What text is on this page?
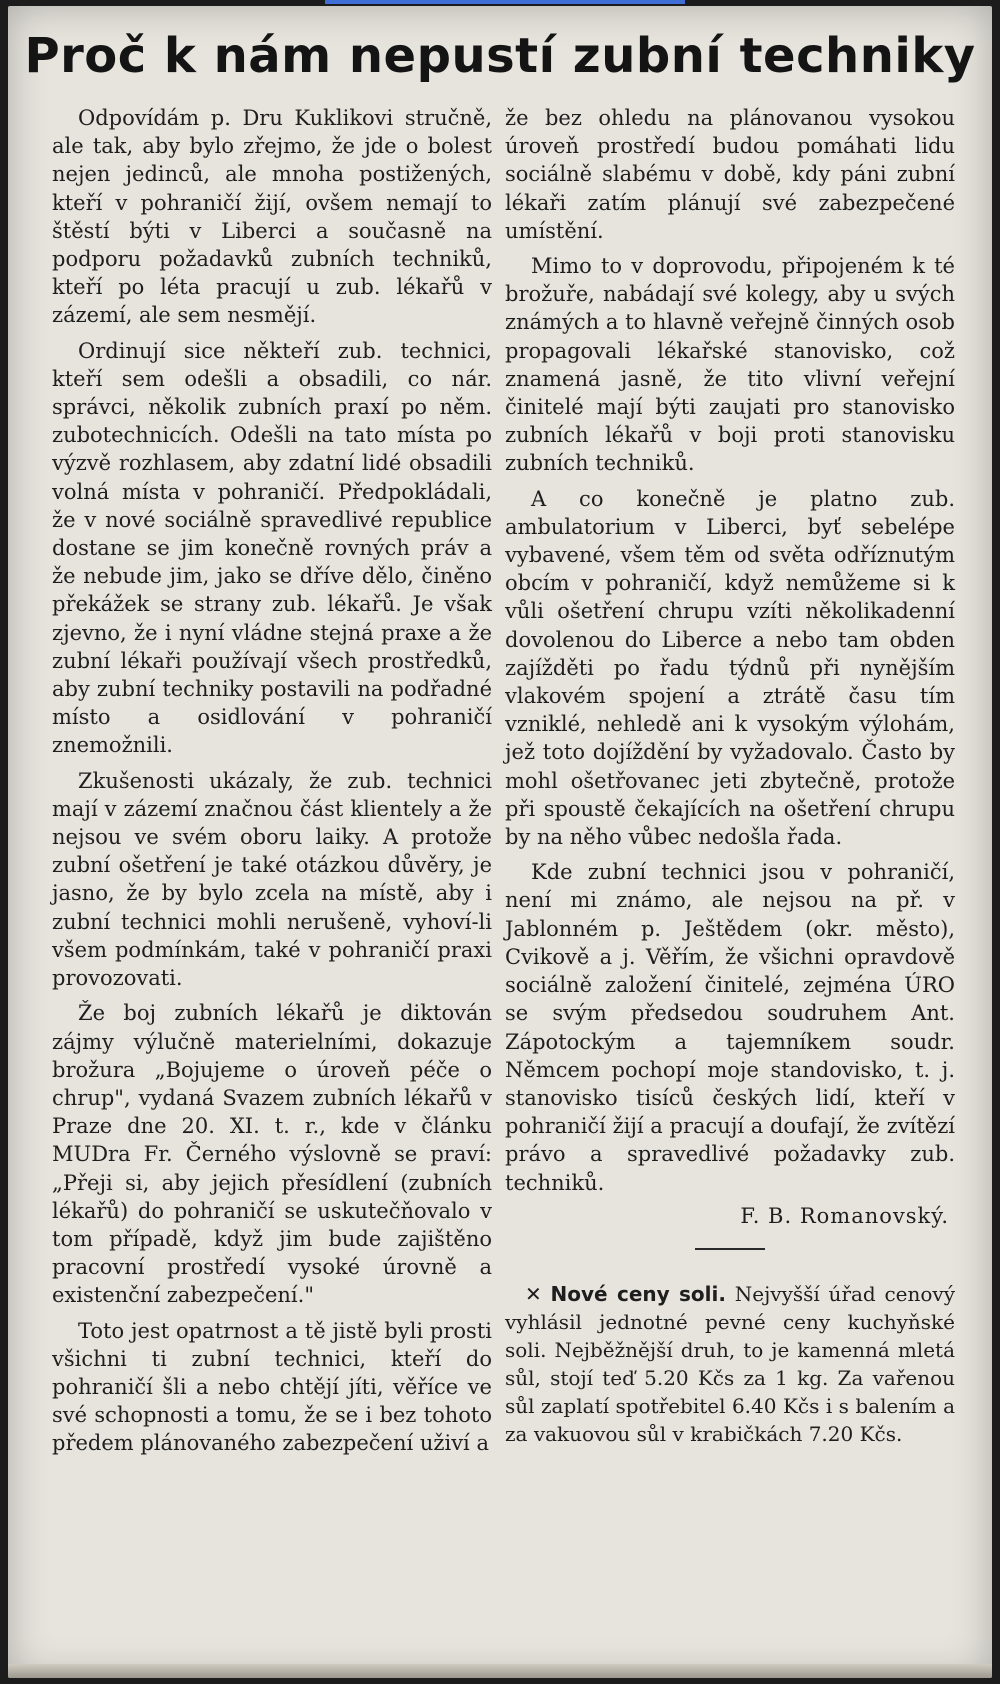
Proč k nám nepustí zubní techniky

Odpovídám p. Dru Kuklikovi stručně, ale tak, aby bylo zřejmo, že jde o bolest nejen jedinců, ale mnoha postižených, kteří v pohraničí žijí, ovšem nemají to štěstí býti v Liberci a současně na podporu požadavků zubních techniků, kteří po léta pracují u zub. lékařů v zázemí, ale sem nesmějí.

Ordinují sice někteří zub. technici, kteří sem odešli a obsadili, co nár. správci, několik zubních praxí po něm. zubotechnicích. Odešli na tato místa po výzvě rozhlasem, aby zdatní lidé obsadili volná místa v pohraničí. Předpokládali, že v nové sociálně spravedlivé republice dostane se jim konečně rovných práv a že nebude jim, jako se dříve dělo, činěno překážek se strany zub. lékařů. Je však zjevno, že i nyní vládne stejná praxe a že zubní lékaři používají všech prostředků, aby zubní techniky postavili na podřadné místo a osidlování v pohraničí znemožnili.

Zkušenosti ukázaly, že zub. technici mají v zázemí značnou část klientely a že nejsou ve svém oboru laiky. A protože zubní ošetření je také otázkou důvěry, je jasno, že by bylo zcela na místě, aby i zubní technici mohli nerušeně, vyhoví-li všem podmínkám, také v pohraničí praxi provozovati.

Že boj zubních lékařů je diktován zájmy výlučně materielními, dokazuje brožura „Bojujeme o úroveň péče o chrup", vydaná Svazem zubních lékařů v Praze dne 20. XI. t. r., kde v článku MUDra Fr. Černého výslovně se praví: „Přeji si, aby jejich přesídlení (zubních lékařů) do pohraničí se uskutečňovalo v tom případě, když jim bude zajištěno pracovní prostředí vysoké úrovně a existenční zabezpečení."

Toto jest opatrnost a tě jistě byli prosti všichni ti zubní technici, kteří do pohraničí šli a nebo chtějí jíti, věříce ve své schopnosti a tomu, že se i bez tohoto předem plánovaného zabezpečení uživí a

že bez ohledu na plánovanou vysokou úroveň prostředí budou pomáhati lidu sociálně slabému v době, kdy páni zubní lékaři zatím plánují své zabezpečené umístění.

Mimo to v doprovodu, připojeném k té brožuře, nabádají své kolegy, aby u svých známých a to hlavně veřejně činných osob propagovali lékařské stanovisko, což znamená jasně, že tito vlivní veřejní činitelé mají býti zaujati pro stanovisko zubních lékařů v boji proti stanovisku zubních techniků.

A co konečně je platno zub. ambulatorium v Liberci, byť sebelépe vybavené, všem těm od světa odříznutým obcím v pohraničí, když nemůžeme si k vůli ošetření chrupu vzíti několikadenní dovolenou do Liberce a nebo tam obden zajížděti po řadu týdnů při nynějším vlakovém spojení a ztrátě času tím vzniklé, nehledě ani k vysokým výlohám, jež toto dojíždění by vyžadovalo. Často by mohl ošetřovanec jeti zbytečně, protože při spoustě čekajících na ošetření chrupu by na něho vůbec nedošla řada.

Kde zubní technici jsou v pohraničí, není mi známo, ale nejsou na př. v Jablonném p. Ještědem (okr. město), Cvikově a j. Věřím, že všichni opravdově sociálně založení činitelé, zejména ÚRO se svým předsedou soudruhem Ant. Zápotockým a tajemníkem soudr. Němcem pochopí moje standovisko, t. j. stanovisko tisíců českých lidí, kteří v pohraničí žijí a pracují a doufají, že zvítězí právo a spravedlivé požadavky zub. techniků.

F. B. Romanovský.

✕ Nové ceny soli. Nejvyšší úřad cenový vyhlásil jednotné pevné ceny kuchyňské soli. Nejběžnější druh, to je kamenná mletá sůl, stojí teď 5.20 Kčs za 1 kg. Za vařenou sůl zaplatí spotřebitel 6.40 Kčs i s balením a za vakuovou sůl v krabičkách 7.20 Kčs.
